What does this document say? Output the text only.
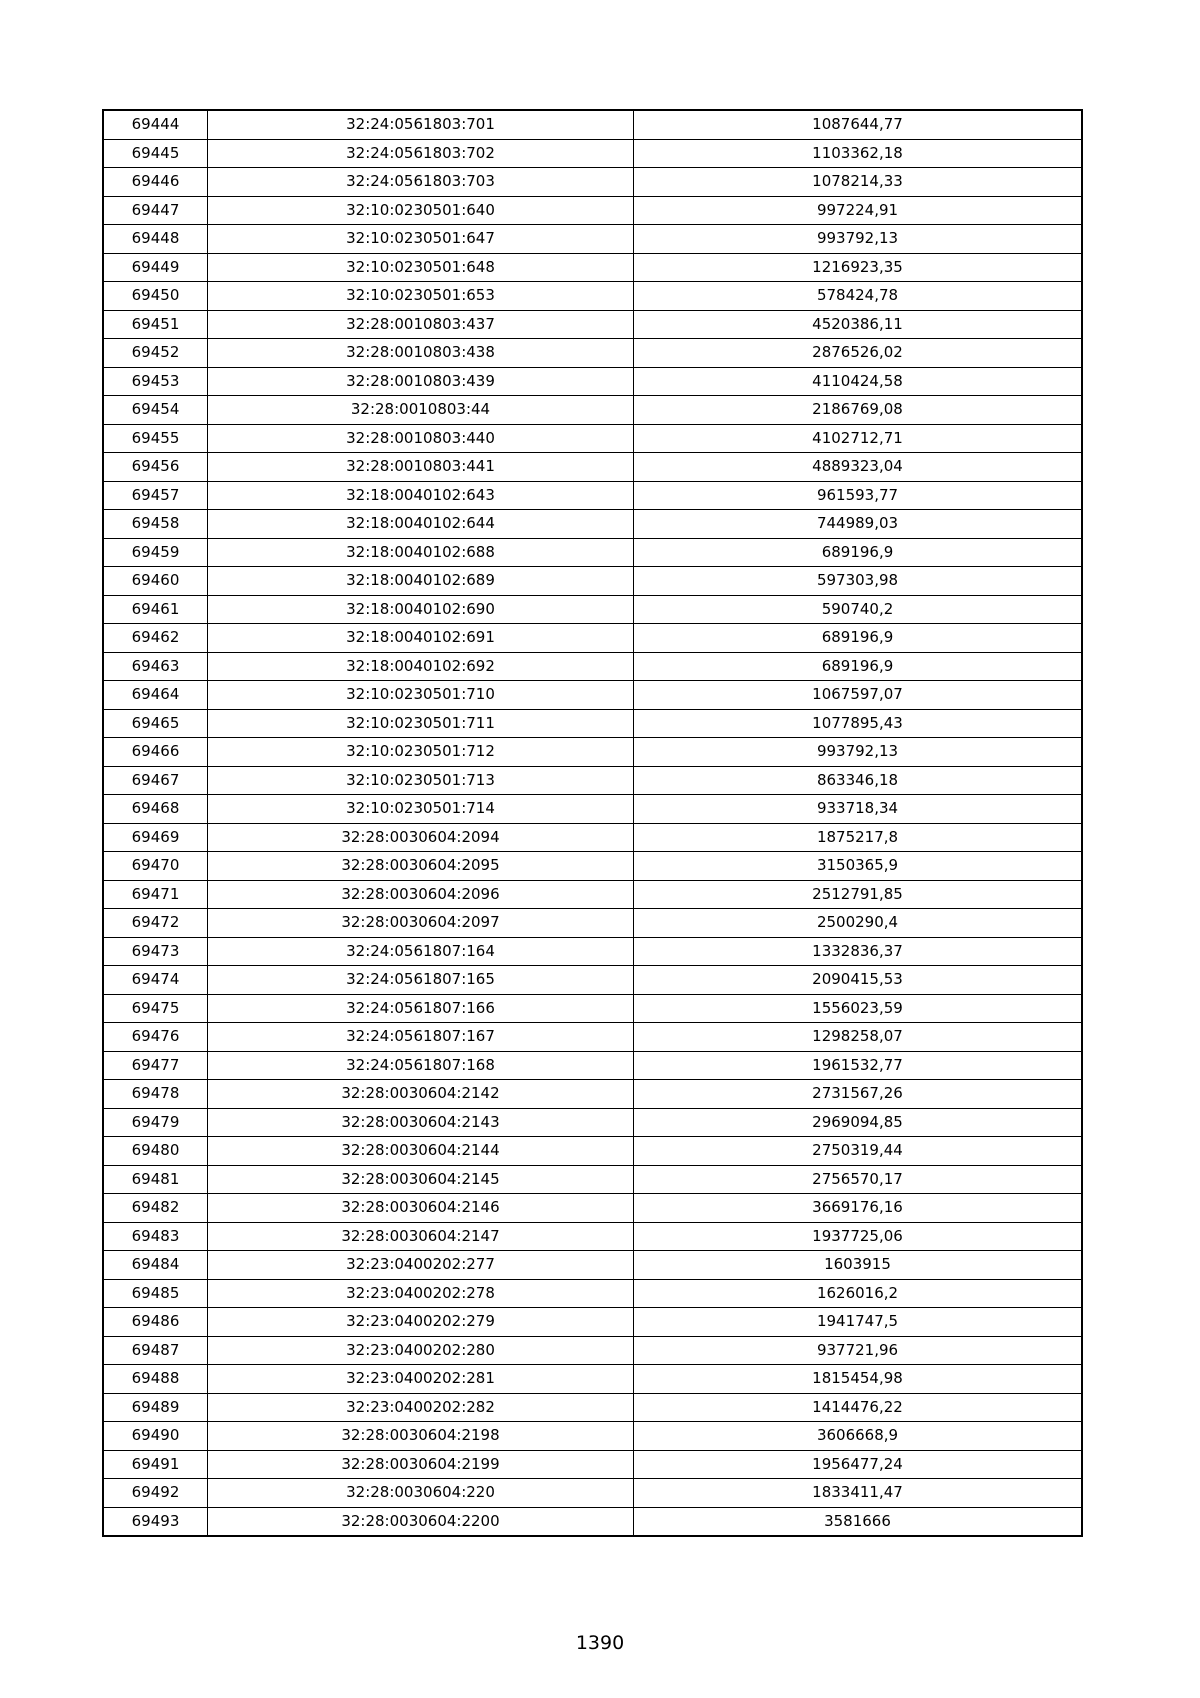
69444	32:24:0561803:701	1087644,77
69445	32:24:0561803:702	1103362,18
69446	32:24:0561803:703	1078214,33
69447	32:10:0230501:640	997224,91
69448	32:10:0230501:647	993792,13
69449	32:10:0230501:648	1216923,35
69450	32:10:0230501:653	578424,78
69451	32:28:0010803:437	4520386,11
69452	32:28:0010803:438	2876526,02
69453	32:28:0010803:439	4110424,58
69454	32:28:0010803:44	2186769,08
69455	32:28:0010803:440	4102712,71
69456	32:28:0010803:441	4889323,04
69457	32:18:0040102:643	961593,77
69458	32:18:0040102:644	744989,03
69459	32:18:0040102:688	689196,9
69460	32:18:0040102:689	597303,98
69461	32:18:0040102:690	590740,2
69462	32:18:0040102:691	689196,9
69463	32:18:0040102:692	689196,9
69464	32:10:0230501:710	1067597,07
69465	32:10:0230501:711	1077895,43
69466	32:10:0230501:712	993792,13
69467	32:10:0230501:713	863346,18
69468	32:10:0230501:714	933718,34
69469	32:28:0030604:2094	1875217,8
69470	32:28:0030604:2095	3150365,9
69471	32:28:0030604:2096	2512791,85
69472	32:28:0030604:2097	2500290,4
69473	32:24:0561807:164	1332836,37
69474	32:24:0561807:165	2090415,53
69475	32:24:0561807:166	1556023,59
69476	32:24:0561807:167	1298258,07
69477	32:24:0561807:168	1961532,77
69478	32:28:0030604:2142	2731567,26
69479	32:28:0030604:2143	2969094,85
69480	32:28:0030604:2144	2750319,44
69481	32:28:0030604:2145	2756570,17
69482	32:28:0030604:2146	3669176,16
69483	32:28:0030604:2147	1937725,06
69484	32:23:0400202:277	1603915
69485	32:23:0400202:278	1626016,2
69486	32:23:0400202:279	1941747,5
69487	32:23:0400202:280	937721,96
69488	32:23:0400202:281	1815454,98
69489	32:23:0400202:282	1414476,22
69490	32:28:0030604:2198	3606668,9
69491	32:28:0030604:2199	1956477,24
69492	32:28:0030604:220	1833411,47
69493	32:28:0030604:2200	3581666
1390
